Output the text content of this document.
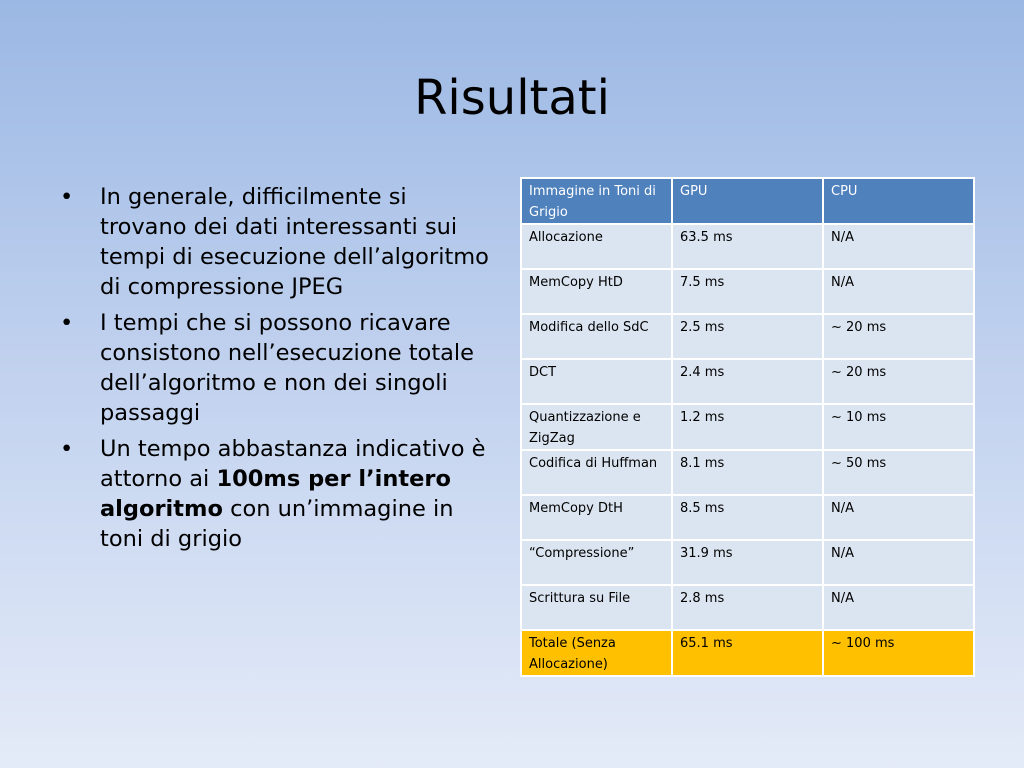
Risultati
• In generale, difficilmente si trovano dei dati interessanti sui tempi di esecuzione dell’algoritmo di compressione JPEG
• I tempi che si possono ricavare consistono nell’esecuzione totale dell’algoritmo e non dei singoli passaggi
• Un tempo abbastanza indicativo è attorno ai 100ms per l’intero algoritmo con un’immagine in toni di grigio
Immagine in Toni di Grigio	GPU	CPU
Allocazione	63.5 ms	N/A
MemCopy HtD	7.5 ms	N/A
Modifica dello SdC	2.5 ms	~ 20 ms
DCT	2.4 ms	~ 20 ms
Quantizzazione e ZigZag	1.2 ms	~ 10 ms
Codifica di Huffman	8.1 ms	~ 50 ms
MemCopy DtH	8.5 ms	N/A
“Compressione”	31.9 ms	N/A
Scrittura su File	2.8 ms	N/A
Totale (Senza Allocazione)	65.1 ms	~ 100 ms
